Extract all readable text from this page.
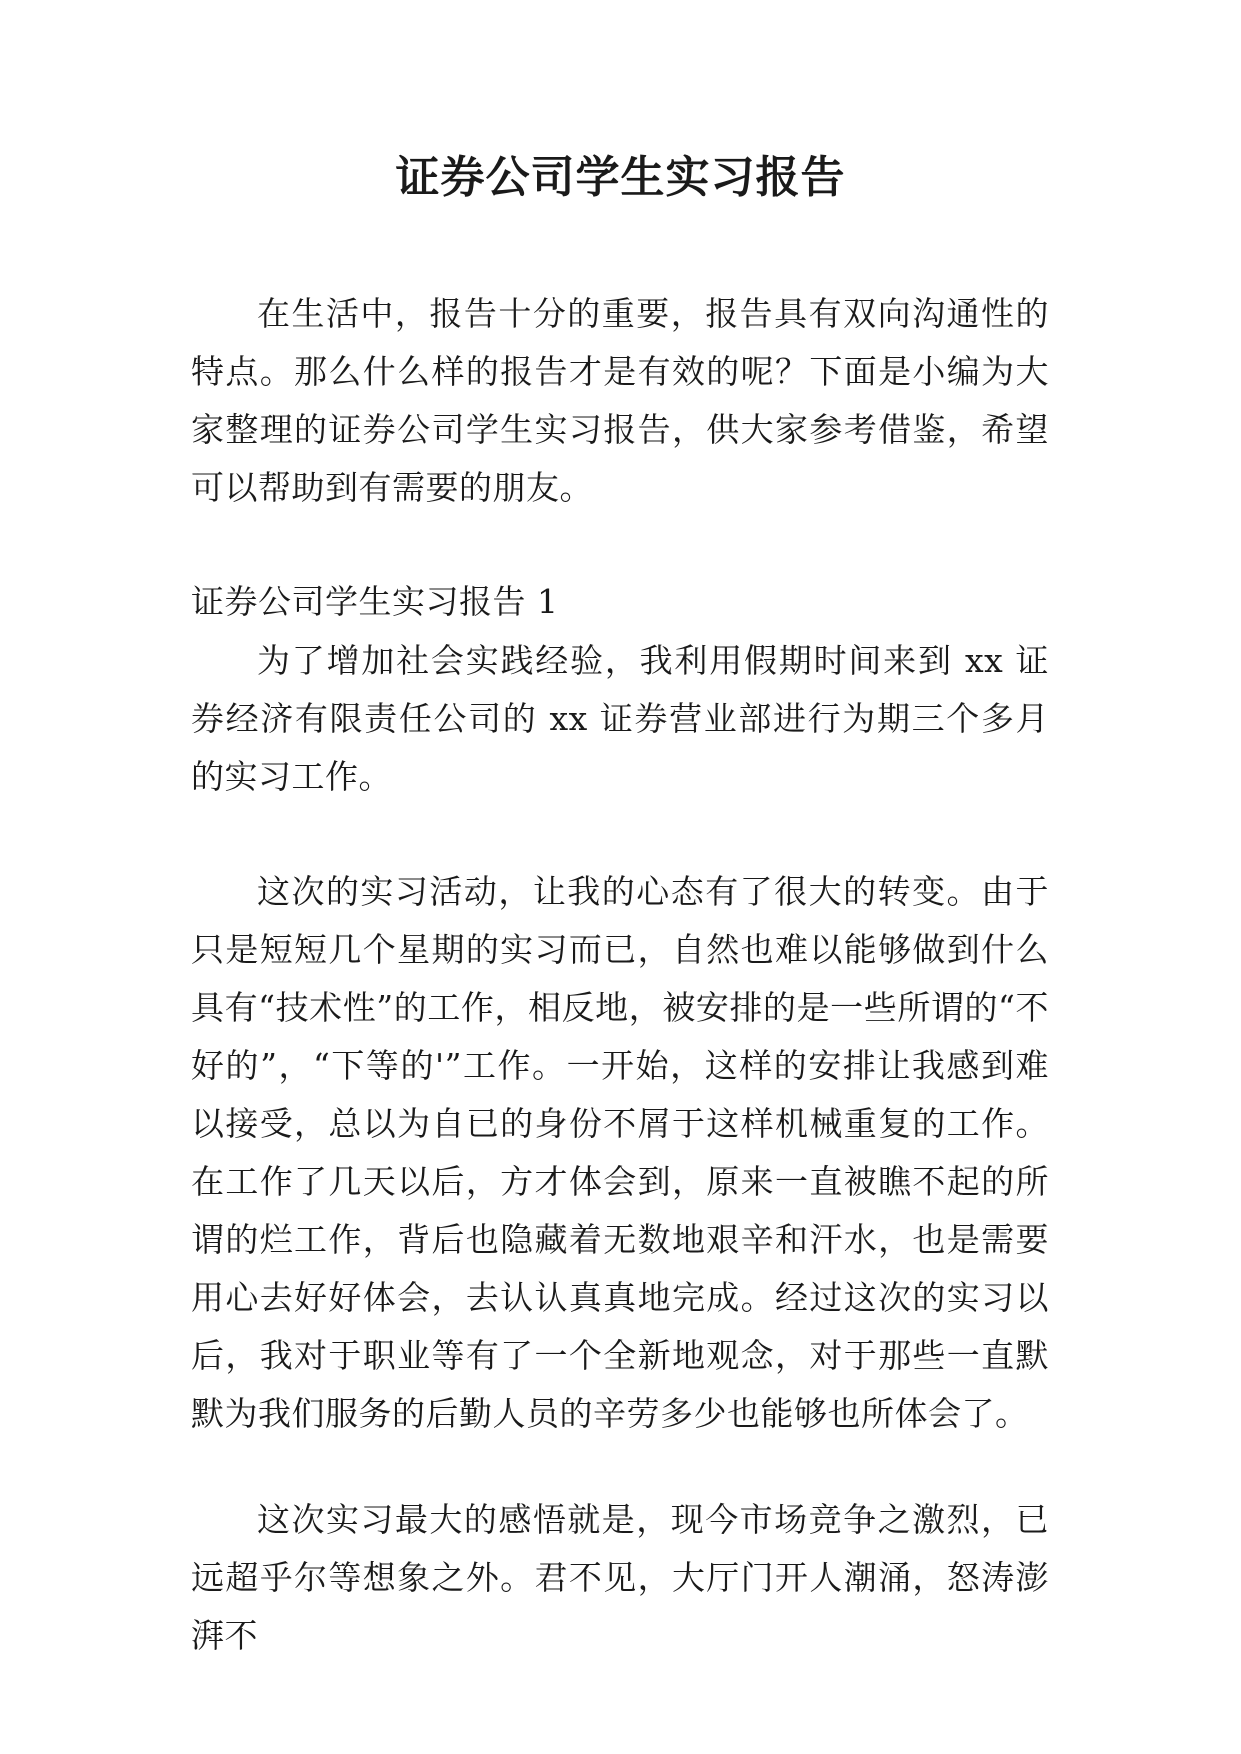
证券公司学生实习报告

在生活中，报告十分的重要，报告具有双向沟通性的特点。那么什么样的报告才是有效的呢？下面是小编为大家整理的证券公司学生实习报告，供大家参考借鉴，希望可以帮助到有需要的朋友。

证券公司学生实习报告 1

为了增加社会实践经验，我利用假期时间来到 xx 证券经济有限责任公司的 xx 证券营业部进行为期三个多月的实习工作。

这次的实习活动，让我的心态有了很大的转变。由于只是短短几个星期的实习而已，自然也难以能够做到什么具有“技术性”的工作，相反地，被安排的是一些所谓的“不好的”，“下等的'”工作。一开始，这样的安排让我感到难以接受，总以为自已的身份不屑于这样机械重复的工作。在工作了几天以后，方才体会到，原来一直被瞧不起的所谓的烂工作，背后也隐藏着无数地艰辛和汗水，也是需要用心去好好体会，去认认真真地完成。经过这次的实习以后，我对于职业等有了一个全新地观念，对于那些一直默默为我们服务的后勤人员的辛劳多少也能够也所体会了。

这次实习最大的感悟就是，现今市场竞争之激烈，已远超乎尔等想象之外。君不见，大厅门开人潮涌，怒涛澎湃不
